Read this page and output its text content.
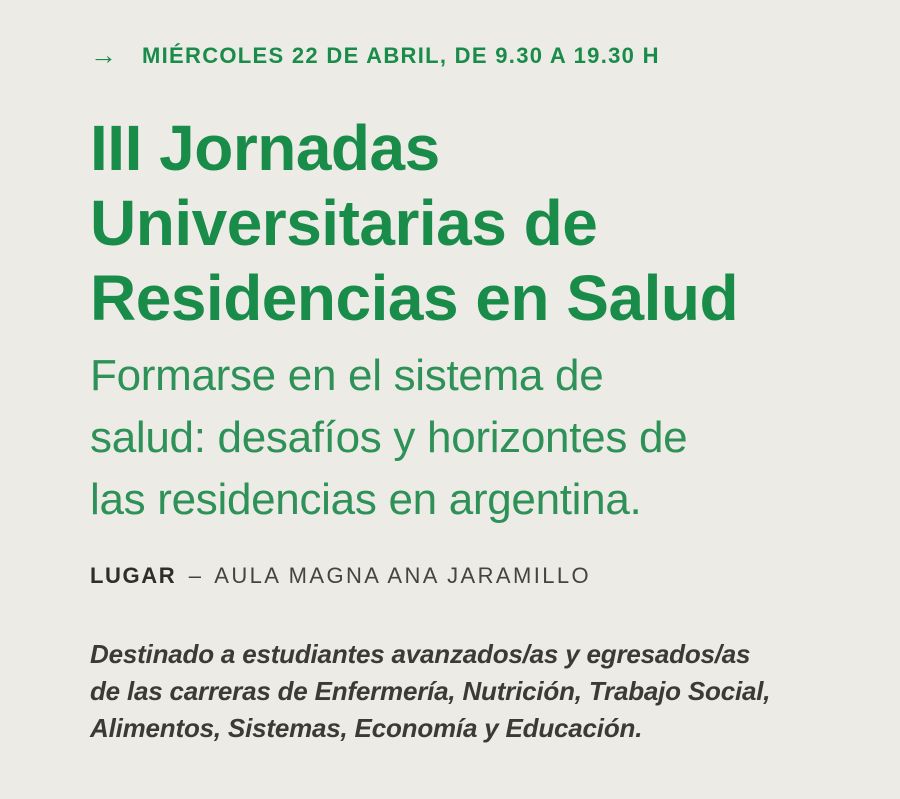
→ MIÉRCOLES 22 DE ABRIL, DE 9.30 A 19.30 H
III Jornadas
Universitarias de
Residencias en Salud
Formarse en el sistema de
salud: desafíos y horizontes de
las residencias en argentina.
LUGAR – AULA MAGNA ANA JARAMILLO
Destinado a estudiantes avanzados/as y egresados/as
de las carreras de Enfermería, Nutrición, Trabajo Social,
Alimentos, Sistemas, Economía y Educación.
